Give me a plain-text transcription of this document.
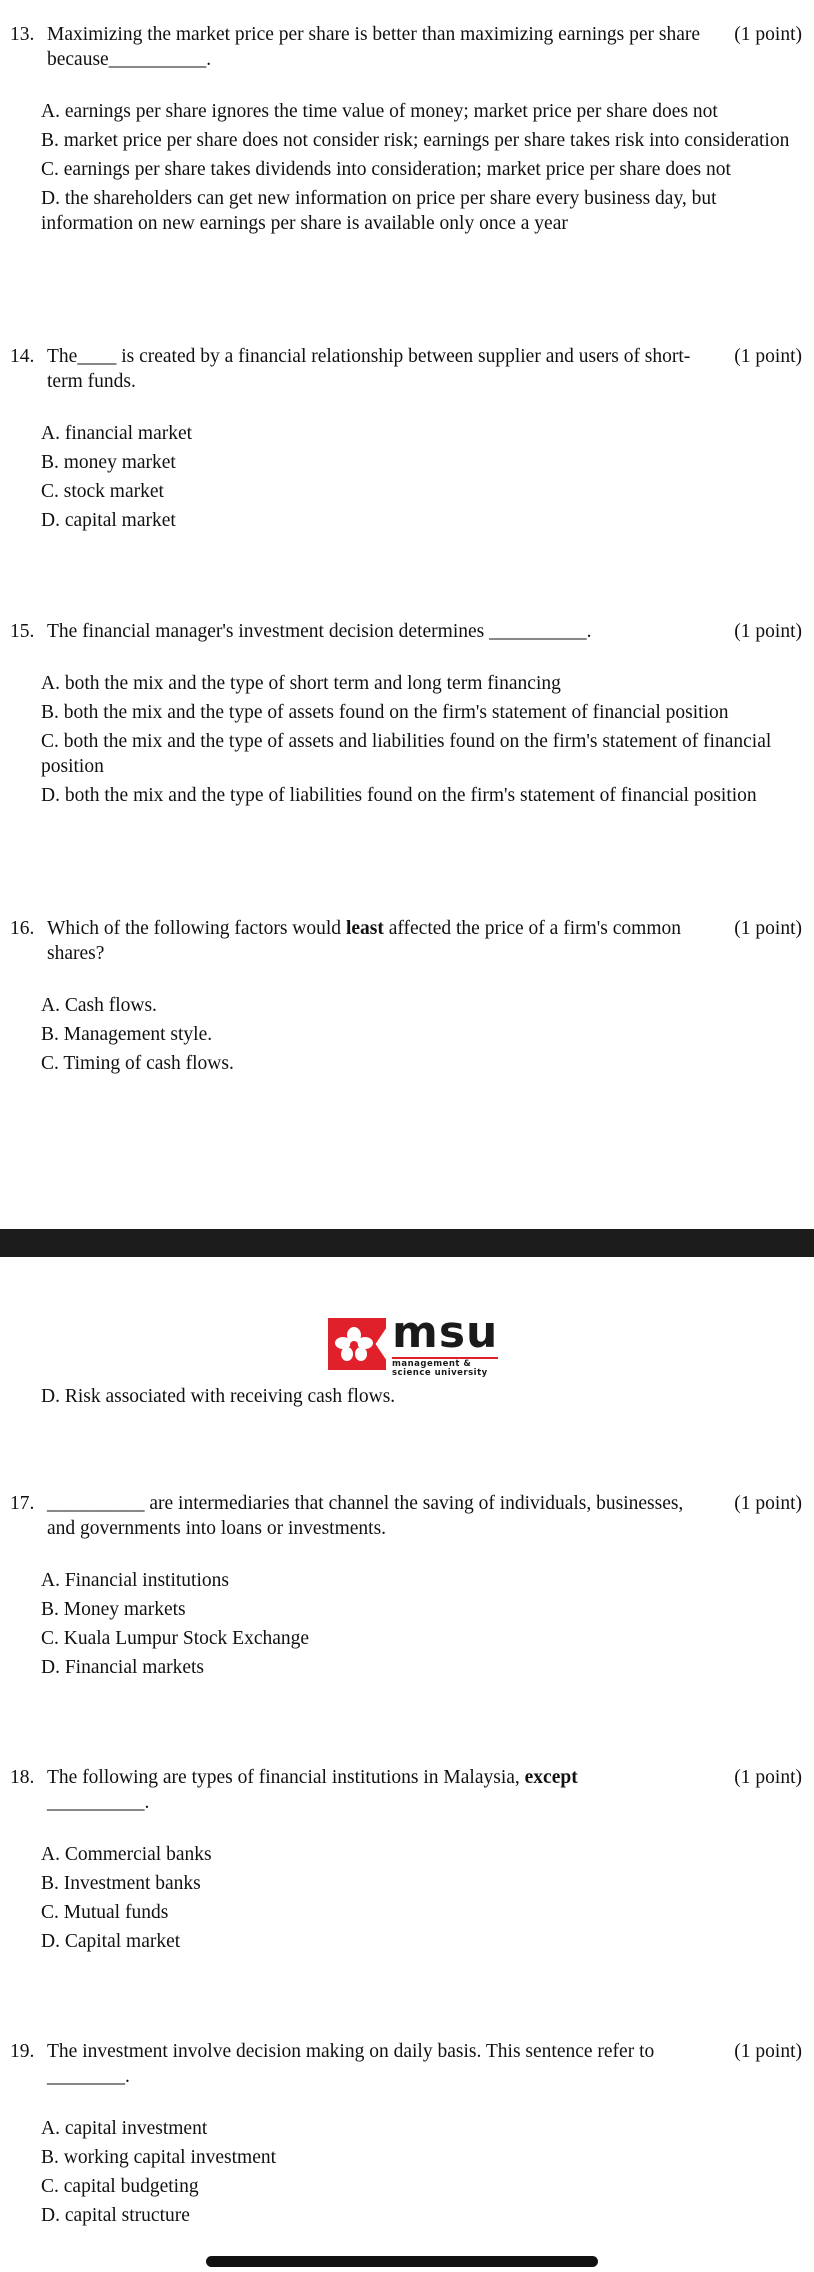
13. Maximizing the market price per share is better than maximizing earnings per share because__________.
(1 point)
A. earnings per share ignores the time value of money; market price per share does not
B. market price per share does not consider risk; earnings per share takes risk into consideration
C. earnings per share takes dividends into consideration; market price per share does not
D. the shareholders can get new information on price per share every business day, but information on new earnings per share is available only once a year
14. The____ is created by a financial relationship between supplier and users of short-term funds.
(1 point)
A. financial market
B. money market
C. stock market
D. capital market
15. The financial manager's investment decision determines __________.	(1 point)
A. both the mix and the type of short term and long term financing
B. both the mix and the type of assets found on the firm's statement of financial position
C. both the mix and the type of assets and liabilities found on the firm's statement of financial position
D. both the mix and the type of liabilities found on the firm's statement of financial position
16. Which of the following factors would least affected the price of a firm's common shares?
(1 point)
A. Cash flows.
B. Management style.
C. Timing of cash flows.
msu
management &
science university
D. Risk associated with receiving cash flows.
17. __________ are intermediaries that channel the saving of individuals, businesses, and governments into loans or investments.
(1 point)
A. Financial institutions
B. Money markets
C. Kuala Lumpur Stock Exchange
D. Financial markets
18. The following are types of financial institutions in Malaysia, except
__________.
(1 point)
A. Commercial banks
B. Investment banks
C. Mutual funds
D. Capital market
19. The investment involve decision making on daily basis. This sentence refer to
________.
(1 point)
A. capital investment
B. working capital investment
C. capital budgeting
D. capital structure
